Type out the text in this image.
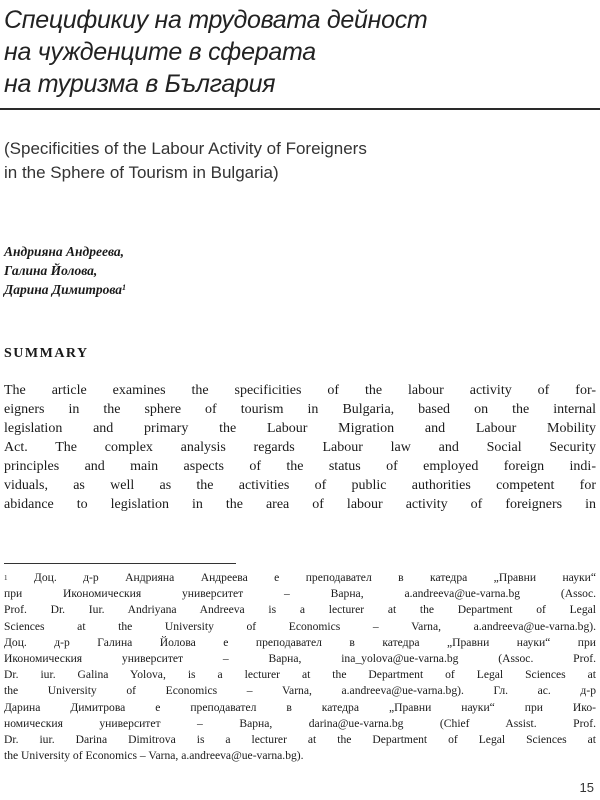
Спецификиу на трудовата дейност
на чужденците в сферата
на туризма в България
(Specificities of the Labour Activity of Foreigners
in the Sphere of Tourism in Bulgaria)
Андрияна Андреева,
Галина Йолова,
Дарина Димитрова$^1$
SUMMARY
The article examines the specificities of the labour activity of for-
eigners in the sphere of tourism in Bulgaria, based on the internal
legislation and primary the Labour Migration and Labour Mobility
Act. The complex analysis regards Labour law and Social Security
principles and main aspects of the status of employed foreign indi-
viduals, as well as the activities of public authorities competent for
abidance to legislation in the area of labour activity of foreigners in
$^1$ Доц. д-р Андрияна Андреева е преподавател в катедра „Правни науки“
при Икономическия университет – Варна, a.andreeva@ue-varna.bg (Assoc.
Prof. Dr. Iur. Andriyana Andreeva is a lecturer at the Department of Legal
Sciences at the University of Economics – Varna, a.andreeva@ue-varna.bg).
Доц. д-р Галина Йолова е преподавател в катедра „Правни науки“ при
Икономическия университет – Варна, ina_yolova@ue-varna.bg (Assoc. Prof.
Dr. iur. Galina Yolova, is a lecturer at the Department of Legal Sciences at
the University of Economics – Varna, a.andreeva@ue-varna.bg). Гл. ас. д-р
Дарина Димитрова е преподавател в катедра „Правни науки“ при Ико-
номическия университет – Варна, darina@ue-varna.bg (Chief Assist. Prof.
Dr. iur. Darina Dimitrova is a lecturer at the Department of Legal Sciences at
the University of Economics – Varna, a.andreeva@ue-varna.bg).
15
